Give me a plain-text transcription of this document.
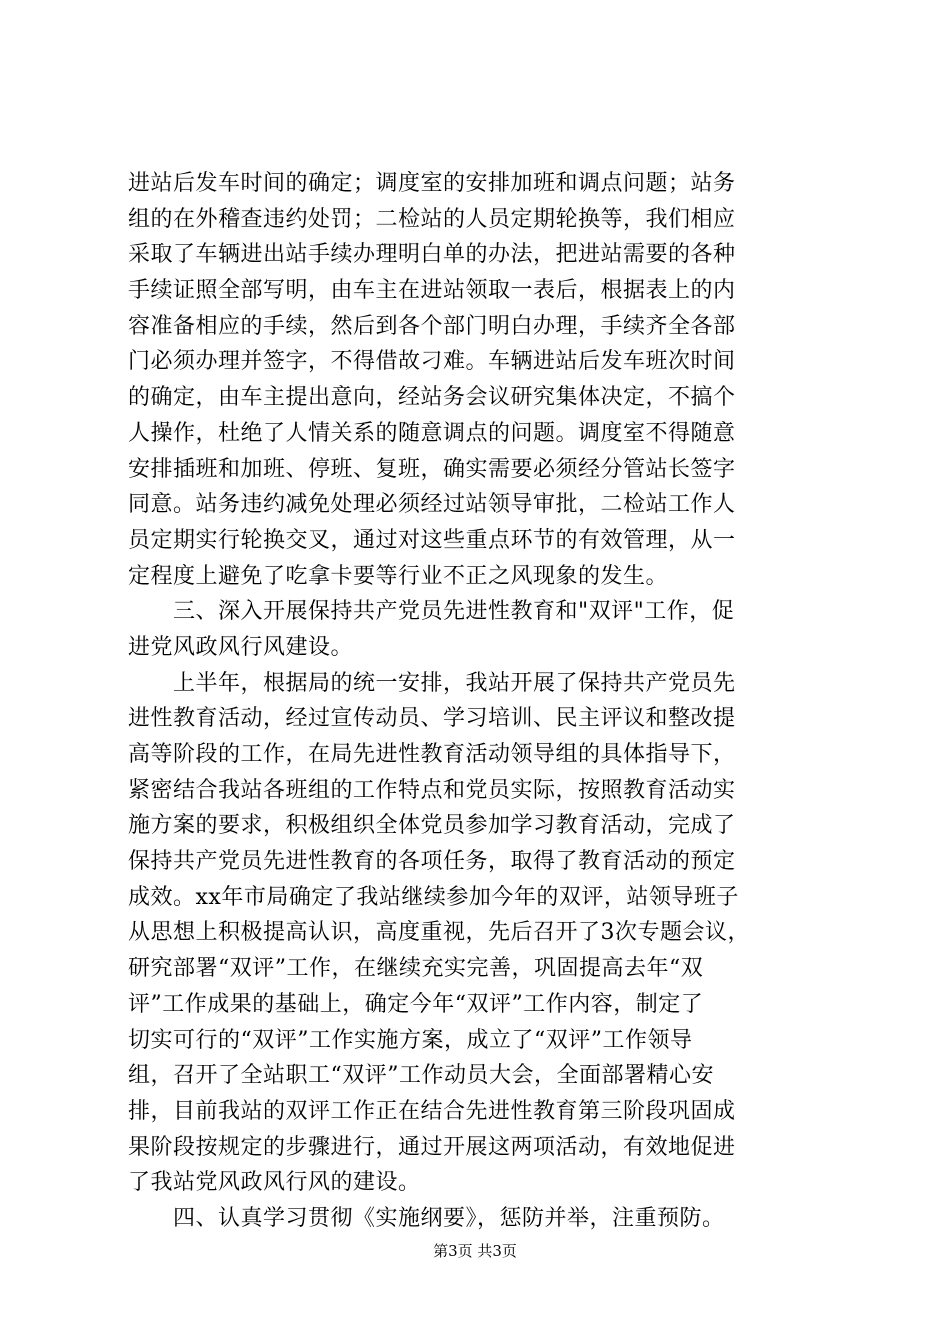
进站后发车时间的确定；调度室的安排加班和调点问题；站务
组的在外稽查违约处罚；二检站的人员定期轮换等，我们相应
采取了车辆进出站手续办理明白单的办法，把进站需要的各种
手续证照全部写明，由车主在进站领取一表后，根据表上的内
容准备相应的手续，然后到各个部门明白办理，手续齐全各部
门必须办理并签字，不得借故刁难。车辆进站后发车班次时间
的确定，由车主提出意向，经站务会议研究集体决定，不搞个
人操作，杜绝了人情关系的随意调点的问题。调度室不得随意
安排插班和加班、停班、复班，确实需要必须经分管站长签字
同意。站务违约减免处理必须经过站领导审批，二检站工作人
员定期实行轮换交叉，通过对这些重点环节的有效管理，从一
定程度上避免了吃拿卡要等行业不正之风现象的发生。
　　三、深入开展保持共产党员先进性教育和"双评"工作，促
进党风政风行风建设。
　　上半年，根据局的统一安排，我站开展了保持共产党员先
进性教育活动，经过宣传动员、学习培训、民主评议和整改提
高等阶段的工作，在局先进性教育活动领导组的具体指导下，
紧密结合我站各班组的工作特点和党员实际，按照教育活动实
施方案的要求，积极组织全体党员参加学习教育活动，完成了
保持共产党员先进性教育的各项任务，取得了教育活动的预定
成效。xx年市局确定了我站继续参加今年的双评，站领导班子
从思想上积极提高认识，高度重视，先后召开了3次专题会议，
研究部署“双评”工作，在继续充实完善，巩固提高去年“双
评”工作成果的基础上，确定今年“双评”工作内容，制定了
切实可行的“双评”工作实施方案，成立了“双评”工作领导
组，召开了全站职工“双评”工作动员大会，全面部署精心安
排，目前我站的双评工作正在结合先进性教育第三阶段巩固成
果阶段按规定的步骤进行，通过开展这两项活动，有效地促进
了我站党风政风行风的建设。
　　四、认真学习贯彻《实施纲要》，惩防并举，注重预防。
第3页 共3页
